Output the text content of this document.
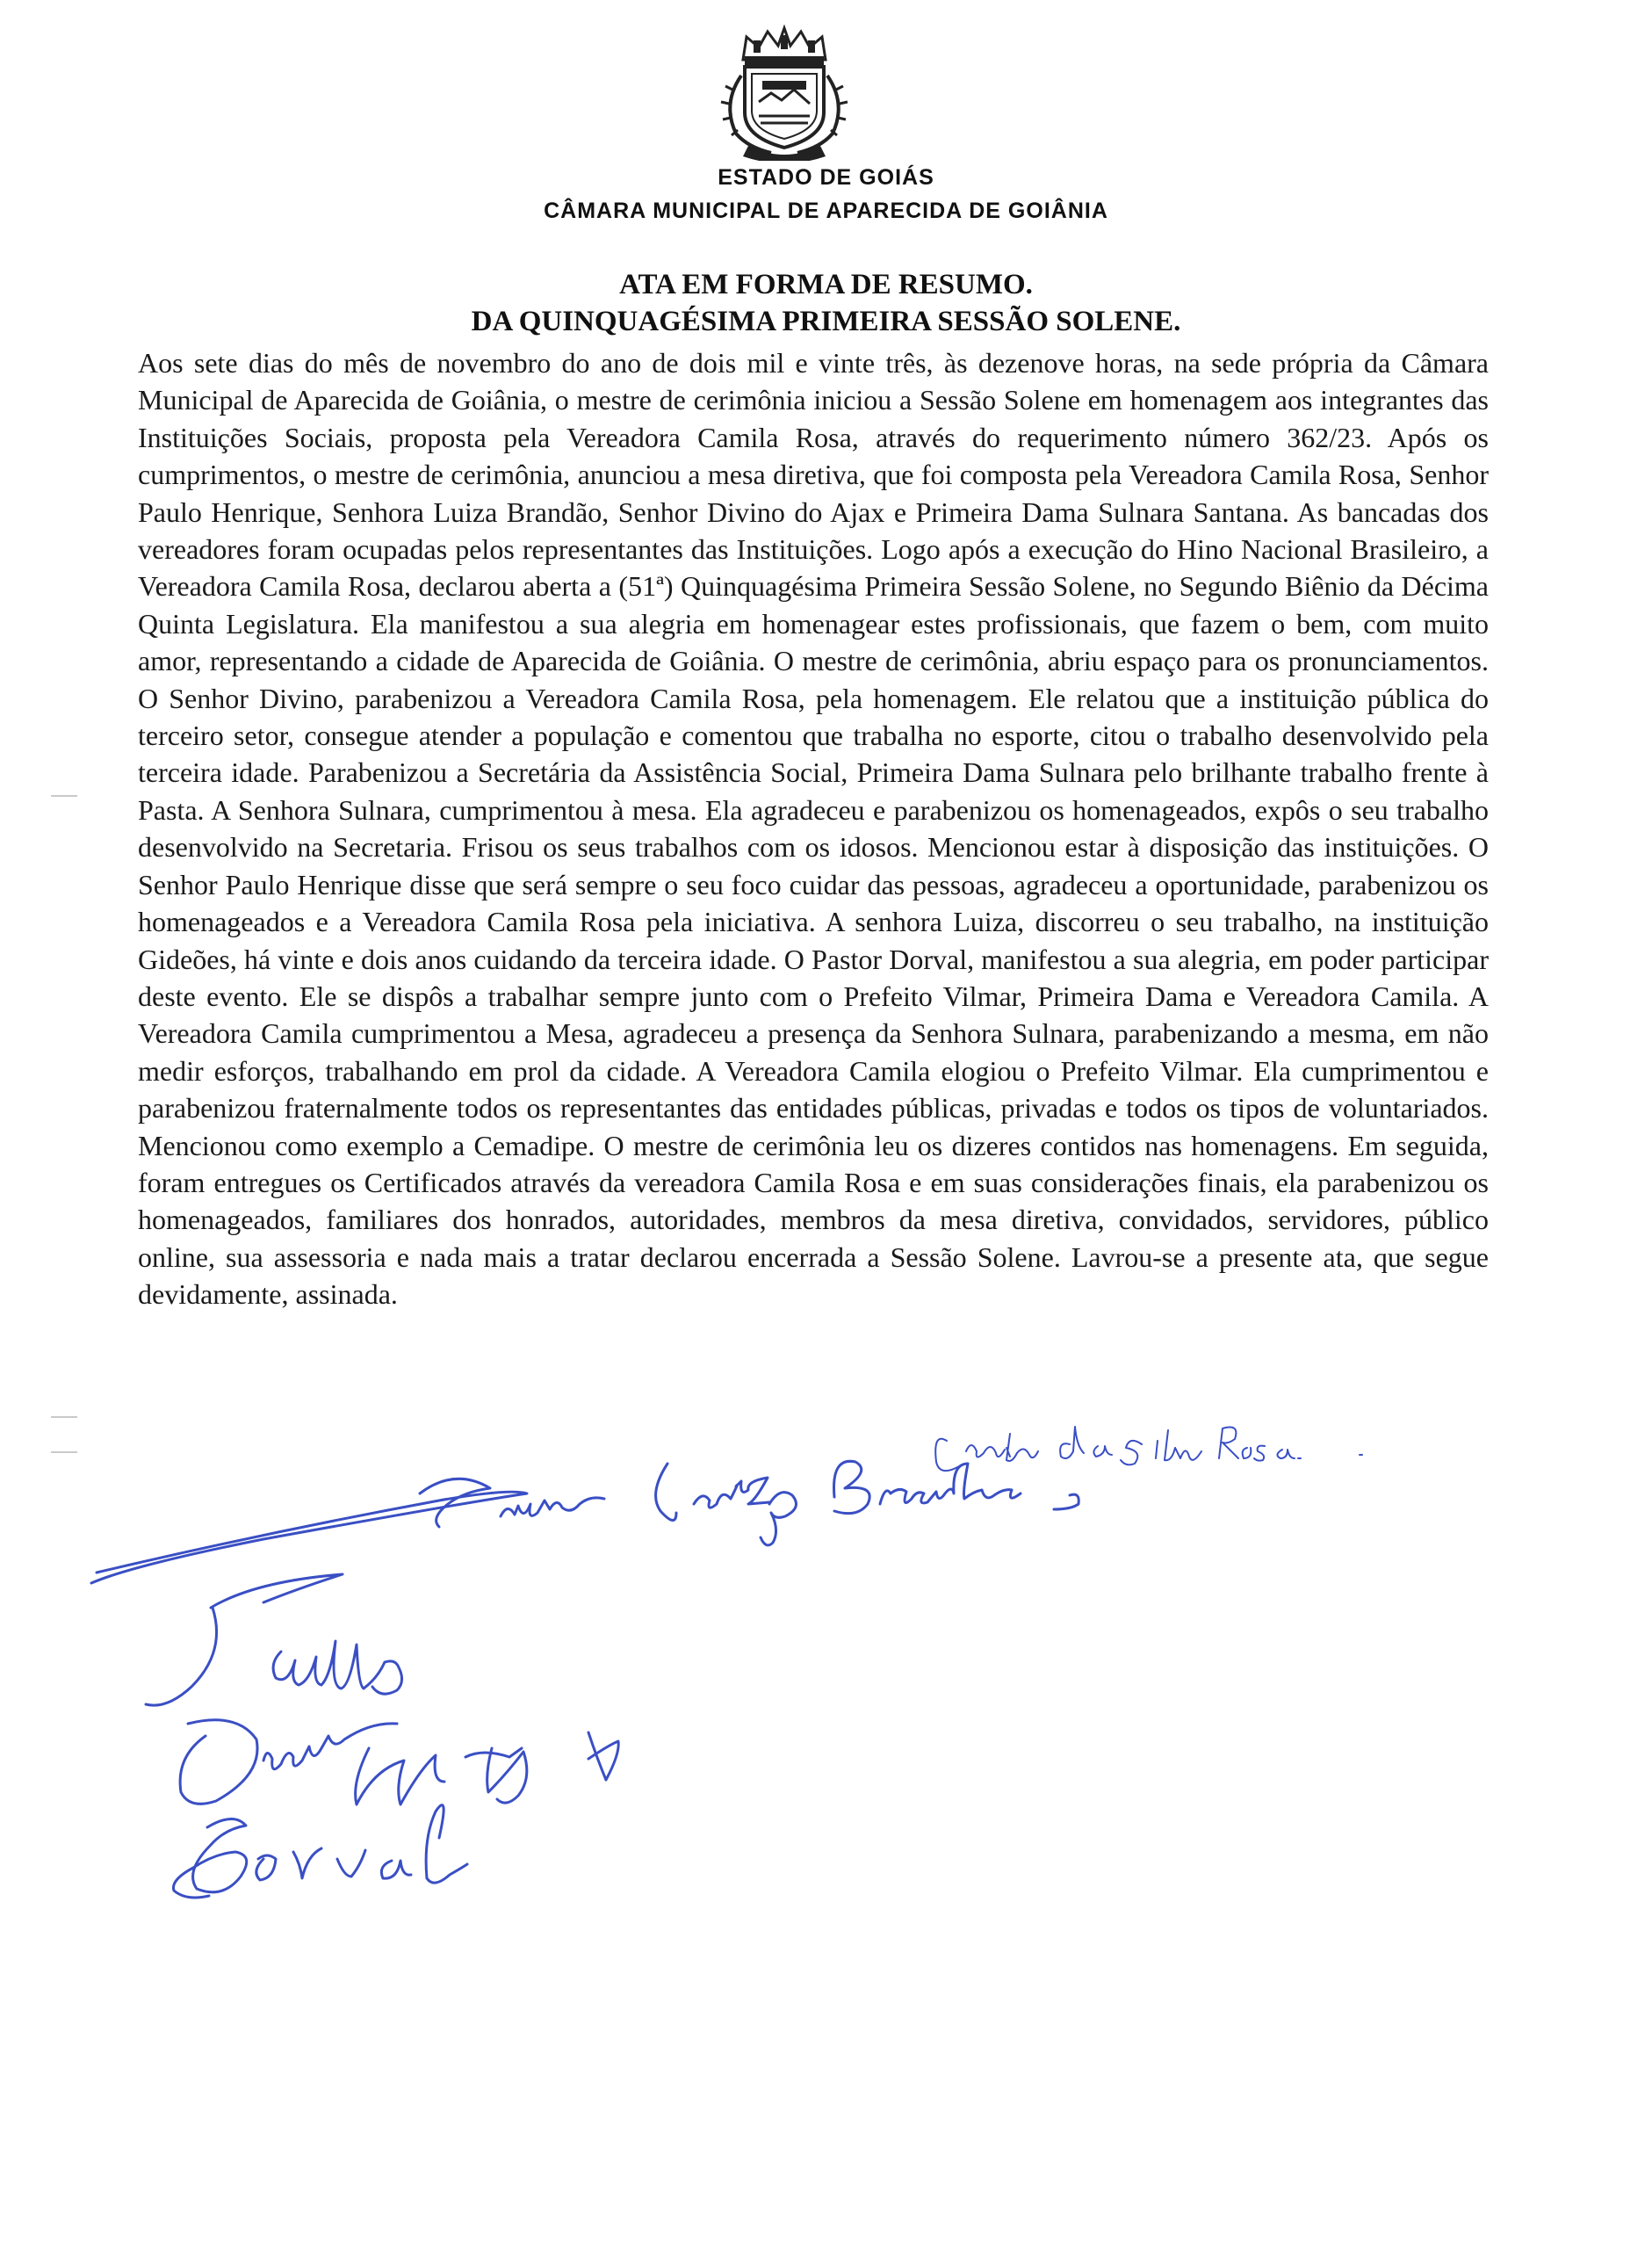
ESTADO DE GOIÁS
CÂMARA MUNICIPAL DE APARECIDA DE GOIÂNIA
ATA EM FORMA DE RESUMO.
DA QUINQUAGÉSIMA PRIMEIRA SESSÃO SOLENE.

Aos sete dias do mês de novembro do ano de dois mil e vinte três, às dezenove horas, na sede própria da Câmara Municipal de Aparecida de Goiânia, o mestre de cerimônia iniciou a Sessão Solene em homenagem aos integrantes das Instituições Sociais, proposta pela Vereadora Camila Rosa, através do requerimento número 362/23. Após os cumprimentos, o mestre de cerimônia, anunciou a mesa diretiva, que foi composta pela Vereadora Camila Rosa, Senhor Paulo Henrique, Senhora Luiza Brandão, Senhor Divino do Ajax e Primeira Dama Sulnara Santana. As bancadas dos vereadores foram ocupadas pelos representantes das Instituições. Logo após a execução do Hino Nacional Brasileiro, a Vereadora Camila Rosa, declarou aberta a (51ª) Quinquagésima Primeira Sessão Solene, no Segundo Biênio da Décima Quinta Legislatura. Ela manifestou a sua alegria em homenagear estes profissionais, que fazem o bem, com muito amor, representando a cidade de Aparecida de Goiânia. O mestre de cerimônia, abriu espaço para os pronunciamentos. O Senhor Divino, parabenizou a Vereadora Camila Rosa, pela homenagem. Ele relatou que a instituição pública do terceiro setor, consegue atender a população e comentou que trabalha no esporte, citou o trabalho desenvolvido pela terceira idade. Parabenizou a Secretária da Assistência Social, Primeira Dama Sulnara pelo brilhante trabalho frente à Pasta. A Senhora Sulnara, cumprimentou à mesa. Ela agradeceu e parabenizou os homenageados, expôs o seu trabalho desenvolvido na Secretaria. Frisou os seus trabalhos com os idosos. Mencionou estar à disposição das instituições. O Senhor Paulo Henrique disse que será sempre o seu foco cuidar das pessoas, agradeceu a oportunidade, parabenizou os homenageados e a Vereadora Camila Rosa pela iniciativa. A senhora Luiza, discorreu o seu trabalho, na instituição Gideões, há vinte e dois anos cuidando da terceira idade. O Pastor Dorval, manifestou a sua alegria, em poder participar deste evento. Ele se dispôs a trabalhar sempre junto com o Prefeito Vilmar, Primeira Dama e Vereadora Camila. A Vereadora Camila cumprimentou a Mesa, agradeceu a presença da Senhora Sulnara, parabenizando a mesma, em não medir esforços, trabalhando em prol da cidade. A Vereadora Camila elogiou o Prefeito Vilmar. Ela cumprimentou e parabenizou fraternalmente todos os representantes das entidades públicas, privadas e todos os tipos de voluntariados. Mencionou como exemplo a Cemadipe. O mestre de cerimônia leu os dizeres contidos nas homenagens. Em seguida, foram entregues os Certificados através da vereadora Camila Rosa e em suas considerações finais, ela parabenizou os homenageados, familiares dos honrados, autoridades, membros da mesa diretiva, convidados, servidores, público online, sua assessoria e nada mais a tratar declarou encerrada a Sessão Solene. Lavrou-se a presente ata, que segue devidamente, assinada.
